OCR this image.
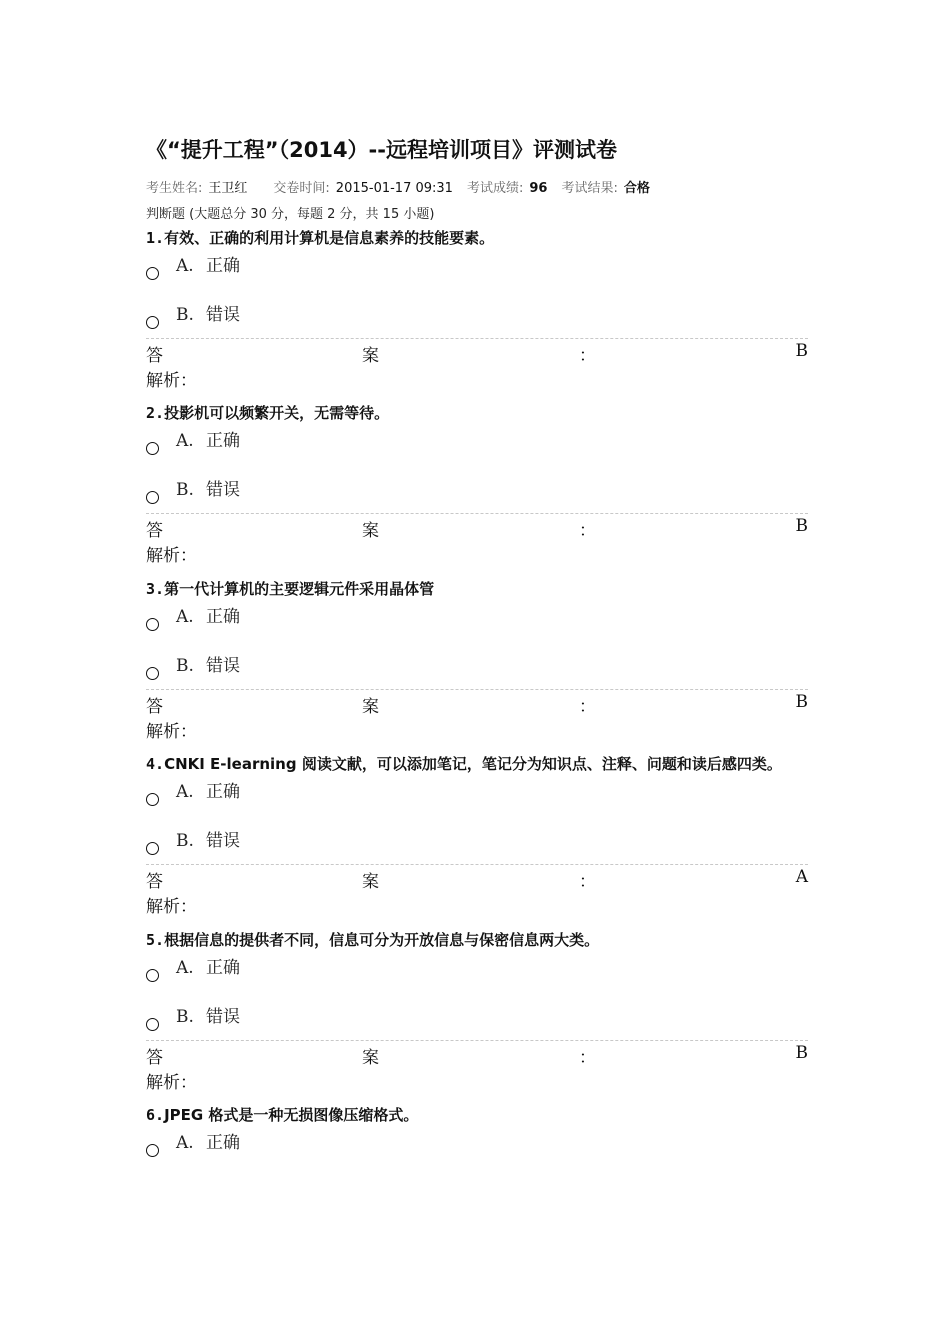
《“提升工程”（2014）--远程培训项目》评测试卷
考生姓名: 王卫红 交卷时间: 2015-01-17 09:31 考试成绩: 96 考试结果: 合格
判断题 (大题总分 30 分，每题 2 分，共 15 小题)
1.有效、正确的利用计算机是信息素养的技能要素。
A. 正确
B. 错误
答	案	：	B
解析：
2.投影机可以频繁开关，无需等待。
A. 正确
B. 错误
答	案	：	B
解析：
3.第一代计算机的主要逻辑元件采用晶体管
A. 正确
B. 错误
答	案	：	B
解析：
4.CNKI E-learning 阅读文献，可以添加笔记，笔记分为知识点、注释、问题和读后感四类。
A. 正确
B. 错误
答	案	：	A
解析：
5.根据信息的提供者不同，信息可分为开放信息与保密信息两大类。
A. 正确
B. 错误
答	案	：	B
解析：
6.JPEG 格式是一种无损图像压缩格式。
A. 正确
